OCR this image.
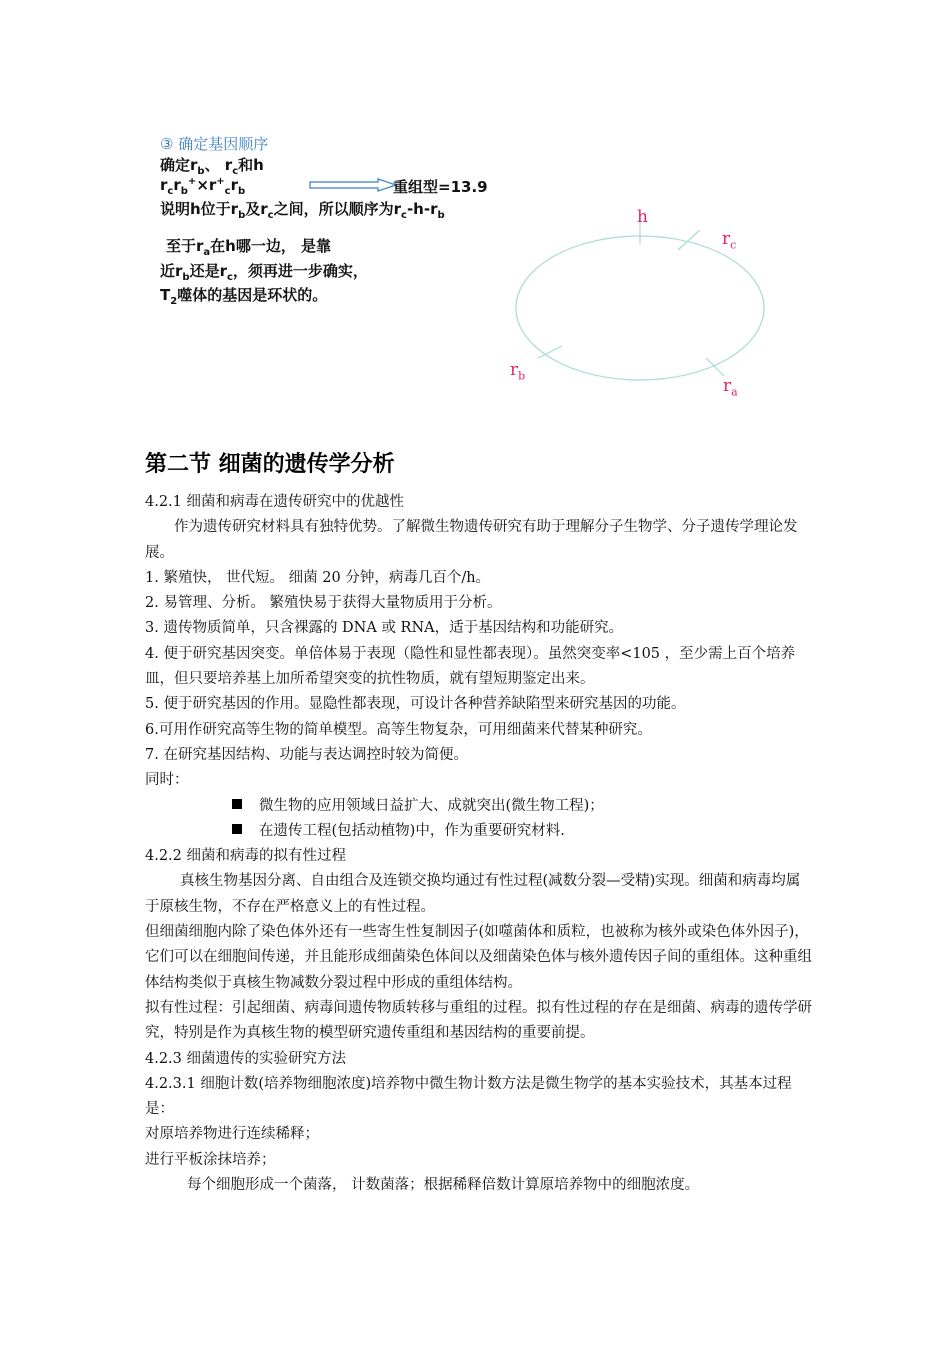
③ 确定基因顺序
确定$r_b$、 $r_c$和h
$r_cr_b^+\times r^+_cr_b$	重组型=13.9
说明h位于$r_b$及$r_c$之间，所以顺序为$r_c-h-r_b$
至于$r_a$在h哪一边， 是靠
近$r_b$还是$r_c$，须再进一步确实，
$T_2$噬体的基因是环状的。
h
$r_c$
$r_b$
$r_a$
第二节 细菌的遗传学分析

4.2.1 细菌和病毒在遗传研究中的优越性

作为遗传研究材料具有独特优势。了解微生物遗传研究有助于理解分子生物学、分子遗传学理论发展。

1. 繁殖快， 世代短。 细菌 20 分钟，病毒几百个/h。

2. 易管理、分析。 繁殖快易于获得大量物质用于分析。

3. 遗传物质简单，只含裸露的 DNA 或 RNA，适于基因结构和功能研究。

4. 便于研究基因突变。单倍体易于表现（隐性和显性都表现）。虽然突变率<105 ，至少需上百个培养皿，但只要培养基上加所希望突变的抗性物质，就有望短期鉴定出来。

5. 便于研究基因的作用。显隐性都表现，可设计各种营养缺陷型来研究基因的功能。

6.可用作研究高等生物的简单模型。高等生物复杂，可用细菌来代替某种研究。

7. 在研究基因结构、功能与表达调控时较为简便。

同时：

微生物的应用领域日益扩大、成就突出(微生物工程)；

在遗传工程(包括动植物)中，作为重要研究材料.

4.2.2 细菌和病毒的拟有性过程

真核生物基因分离、自由组合及连锁交换均通过有性过程(减数分裂—受精)实现。细菌和病毒均属于原核生物，不存在严格意义上的有性过程。

但细菌细胞内除了染色体外还有一些寄生性复制因子(如噬菌体和质粒，也被称为核外或染色体外因子)，它们可以在细胞间传递，并且能形成细菌染色体间以及细菌染色体与核外遗传因子间的重组体。这种重组体结构类似于真核生物减数分裂过程中形成的重组体结构。

拟有性过程：引起细菌、病毒间遗传物质转移与重组的过程。拟有性过程的存在是细菌、病毒的遗传学研究，特别是作为真核生物的模型研究遗传重组和基因结构的重要前提。

4.2.3 细菌遗传的实验研究方法

4.2.3.1 细胞计数(培养物细胞浓度)培养物中微生物计数方法是微生物学的基本实验技术，其基本过程是：

对原培养物进行连续稀释；

进行平板涂抹培养；

每个细胞形成一个菌落， 计数菌落；根据稀释倍数计算原培养物中的细胞浓度。
